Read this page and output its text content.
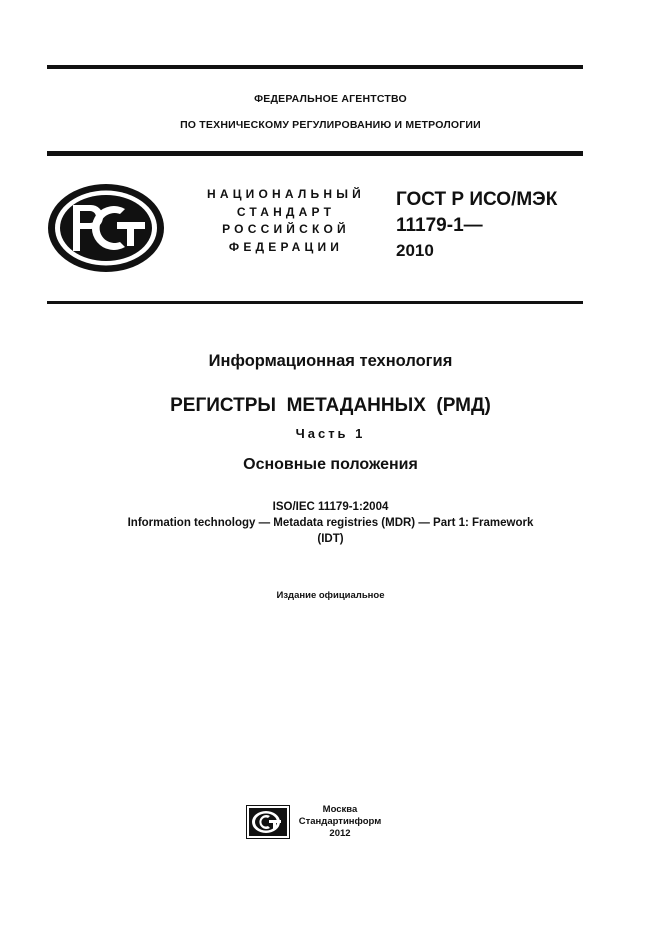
ФЕДЕРАЛЬНОЕ АГЕНТСТВО
ПО ТЕХНИЧЕСКОМУ РЕГУЛИРОВАНИЮ И МЕТРОЛОГИИ
НАЦИОНАЛЬНЫЙ
СТАНДАРТ
РОССИЙСКОЙ
ФЕДЕРАЦИИ
ГОСТ Р ИСО/МЭК
11179-1—
2010
Информационная технология
РЕГИСТРЫ  МЕТАДАННЫХ  (РМД)
Часть 1
Основные положения
ISO/IEC 11179-1:2004
Information technology — Metadata registries (MDR) — Part 1: Framework
(IDT)
Издание официальное
Москва
Стандартинформ
2012
